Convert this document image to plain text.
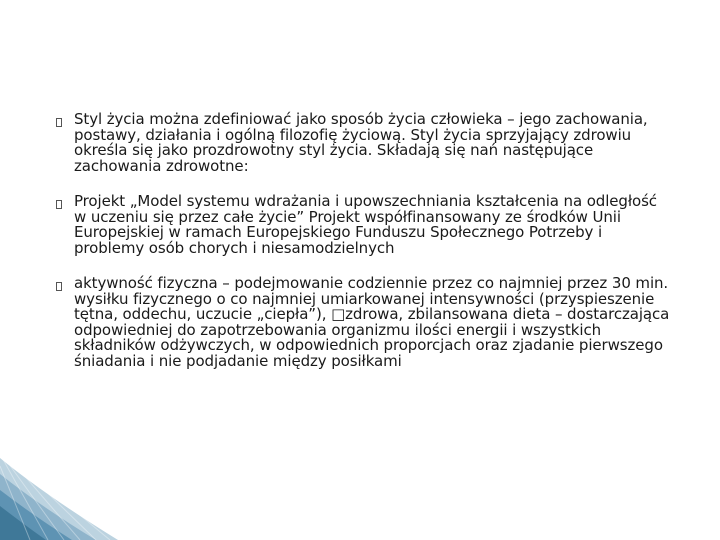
Styl życia można zdefiniować jako sposób życia człowieka – jego zachowania, postawy, działania i ogólną filozofię życiową. Styl życia sprzyjający zdrowiu określa się jako prozdrowotny styl życia. Składają się nań następujące zachowania zdrowotne:
Projekt „Model systemu wdrażania i upowszechniania kształcenia na odległość w uczeniu się przez całe życie” Projekt współfinansowany ze środków Unii Europejskiej w ramach Europejskiego Funduszu Społecznego Potrzeby i problemy osób chorych i niesamodzielnych
aktywność fizyczna – podejmowanie codziennie przez co najmniej przez 30 min. wysiłku fizycznego o co najmniej umiarkowanej intensywności (przyspieszenie tętna, oddechu, uczucie „ciepła”), □zdrowa, zbilansowana dieta – dostarczająca odpowiedniej do zapotrzebowania organizmu ilości energii i wszystkich składników odżywczych, w odpowiednich proporcjach oraz zjadanie pierwszego śniadania i nie podjadanie między posiłkami
